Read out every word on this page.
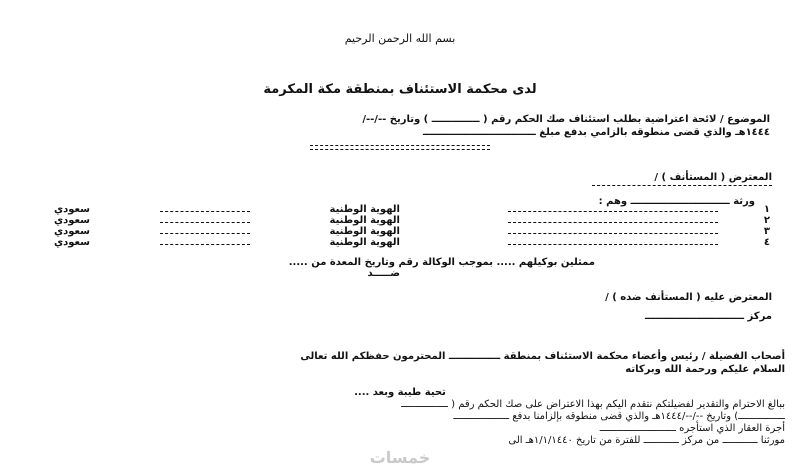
بسم الله الرحمن الرحيم
لدى محكمة الاستئناف بمنطقة مكة المكرمة
الموضوع / لائحة اعتراضية بطلب استئناف صك الحكم رقم ( ــــــــــــــ ) وتاريخ --/--/
١٤٤٤هـ والذي قضى منطوقه بالزامي بدفع مبلغ ـــــــــــــــــــــــــــــــــ
المعترض ( المستأنف ) /
ورثة ـــــــــــــــــــــــــــــ وهم :
١
الهوية الوطنية
سعودي
٢
الهوية الوطنية
سعودي
٣
الهوية الوطنية
سعودي
٤
الهوية الوطنية
سعودي
ممثلين بوكيلهم ..... بموجب الوكالة رقم وتاريخ المعدة من .....
ضـــــد
المعترض عليه ( المستأنف ضده ) /
مركز ـــــــــــــــــــــــــــــ
أصحاب الفضيلة / رئيس وأعضاء محكمة الاستئناف بمنطقة ـــــــــــــــ المحترمون حفظكم الله تعالى
السلام عليكم ورحمة الله وبركاته
تحية طيبة وبعد ....
ببالغ الاحترام والتقدير لفضيلتكم نتقدم اليكم بهذا الاعتراض على صك الحكم رقم ( ــــــــــــــــ
ــــــــــــــــ) وتاريخ --/--/١٤٤٤هـ والذي قضى منطوقه بإلزامنا بدفع ـــــــــــــــــــ
أجرة العقار الذي استأجره ــــــــــــــــــــــــــ
مورثنا ــــــــــــ من مركز ــــــــــــ للفترة من تاريخ ١/١/١٤٤٠هـ الى
خمسات
